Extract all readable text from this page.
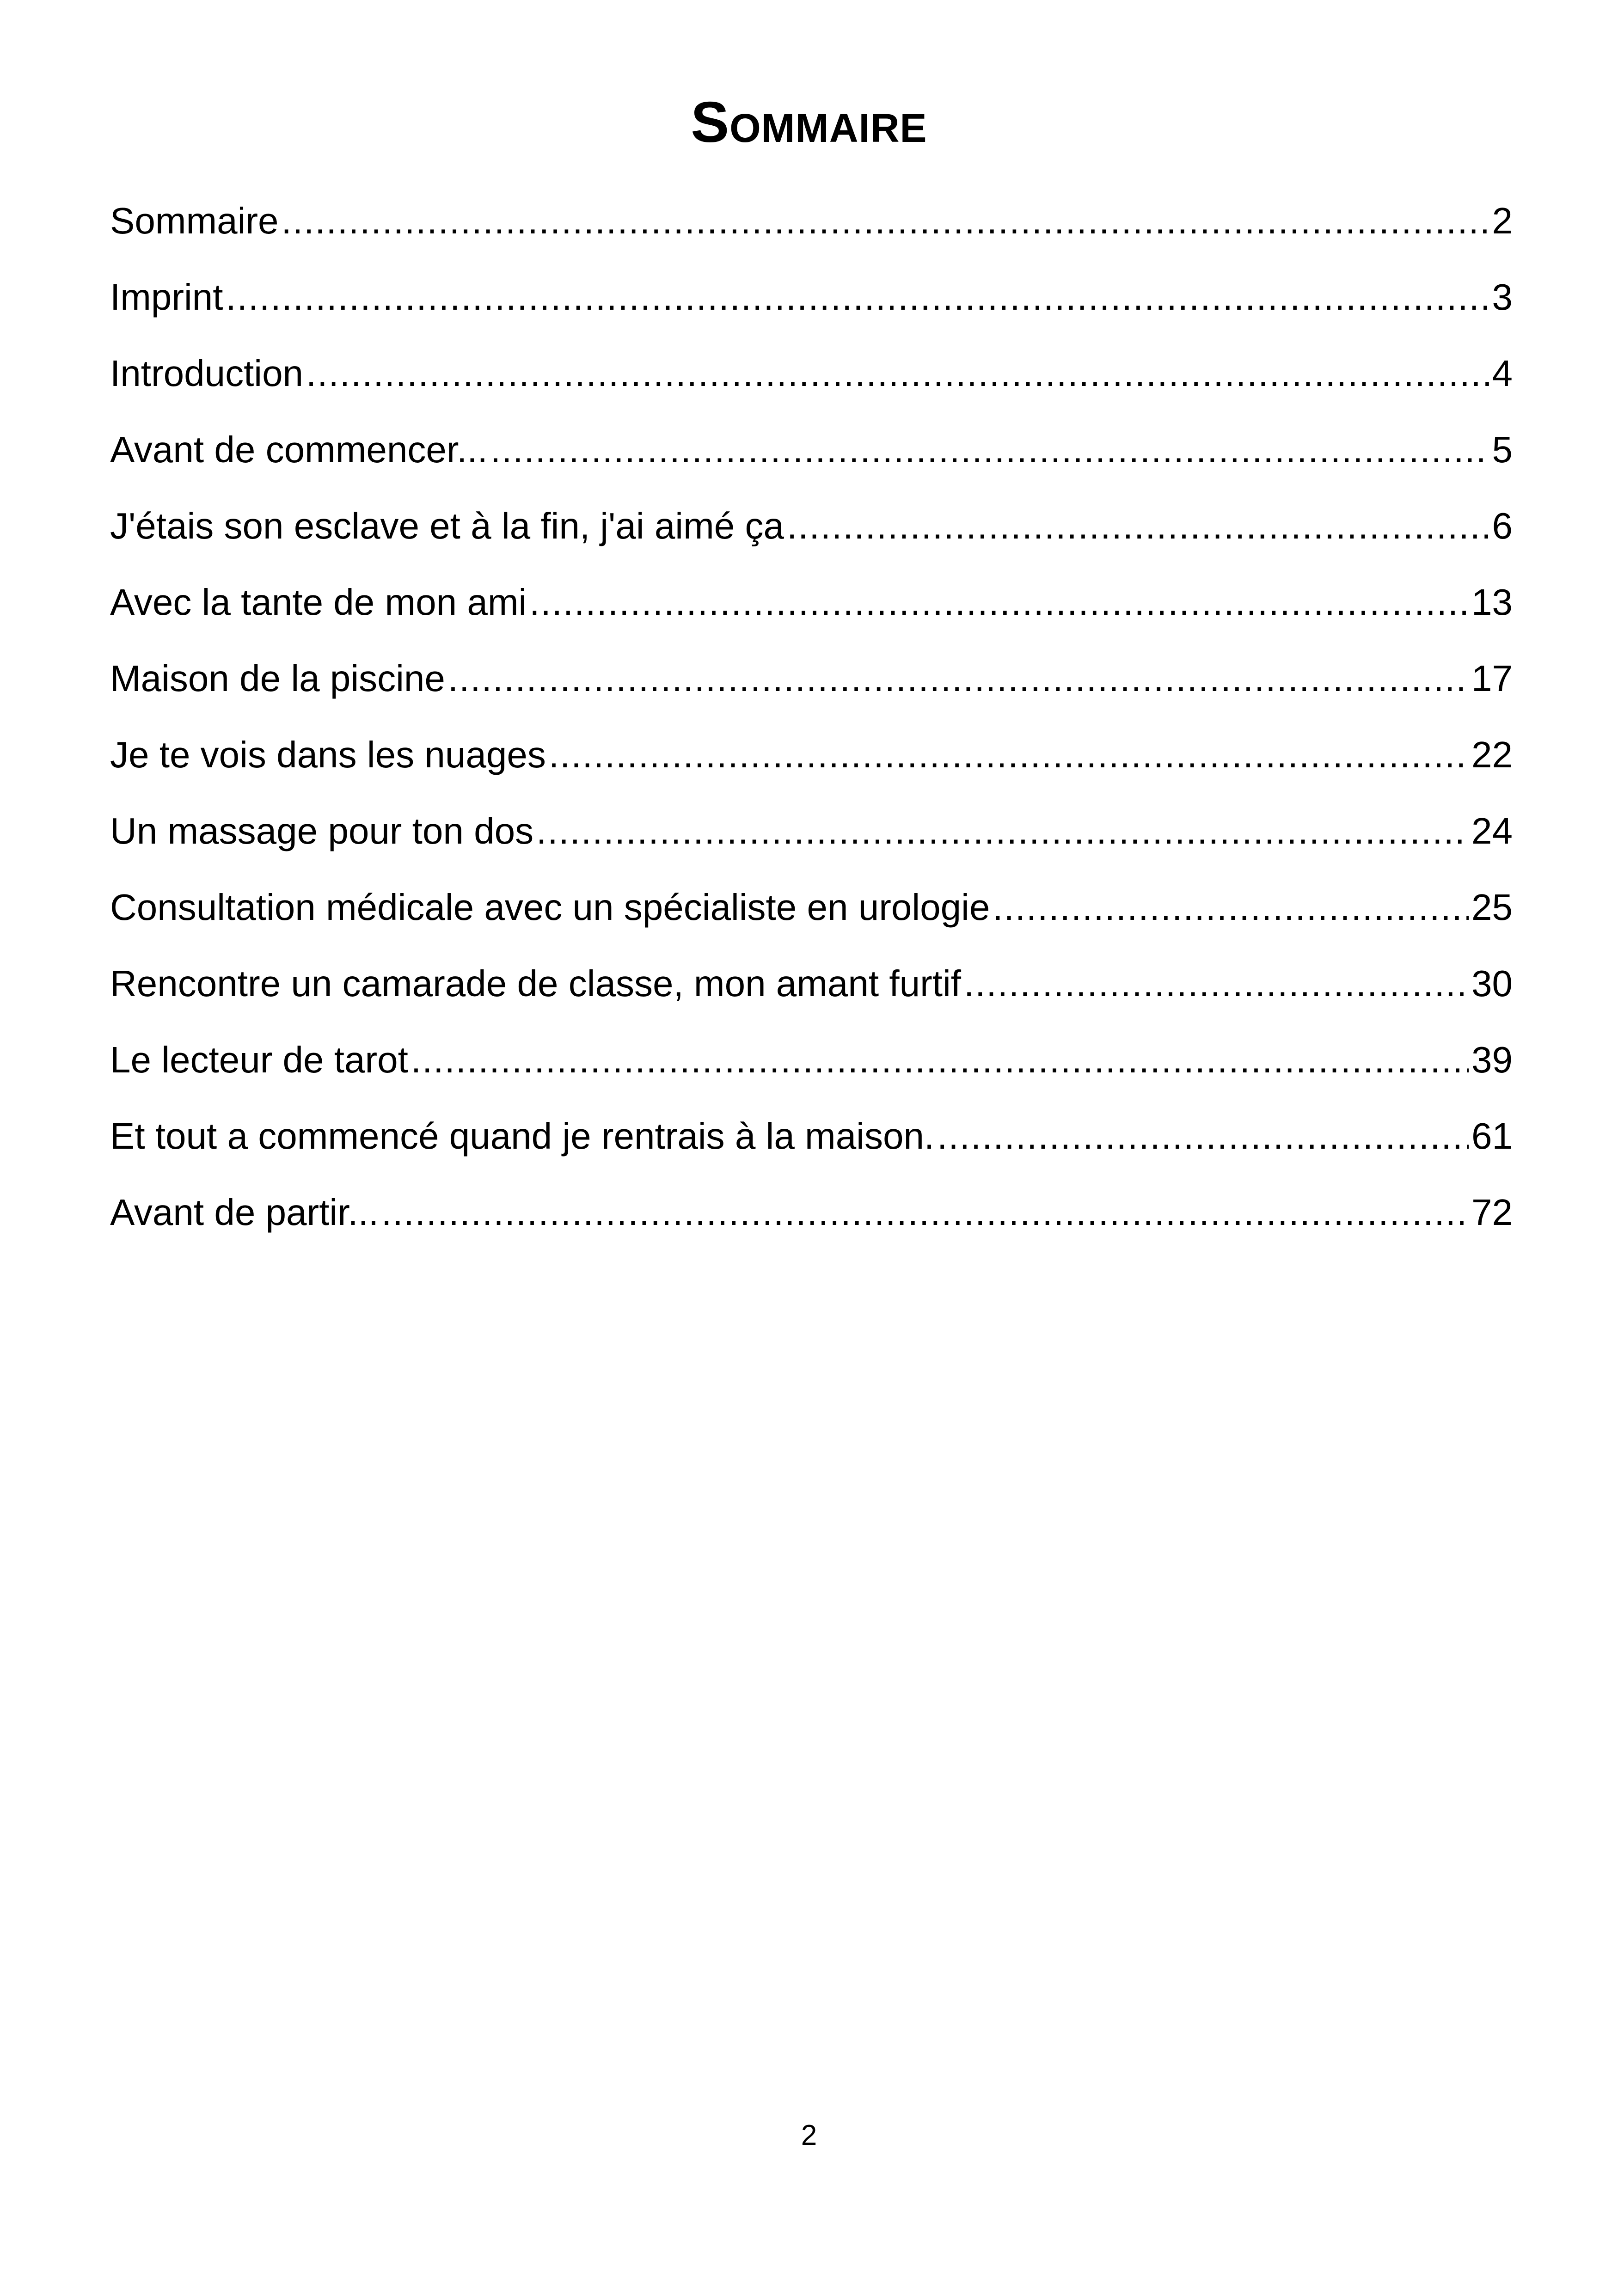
Sommaire
Sommaire .....	2
Imprint .....	3
Introduction .....	4
Avant de commencer... .....	5
J'étais son esclave et à la fin, j'ai aimé ça .....	6
Avec la tante de mon ami .....	13
Maison de la piscine .....	17
Je te vois dans les nuages .....	22
Un massage pour ton dos .....	24
Consultation médicale avec un spécialiste en urologie .....	25
Rencontre un camarade de classe, mon amant furtif .....	30
Le lecteur de tarot .....	39
Et tout a commencé quand je rentrais à la maison. .....	61
Avant de partir... .....	72

2
